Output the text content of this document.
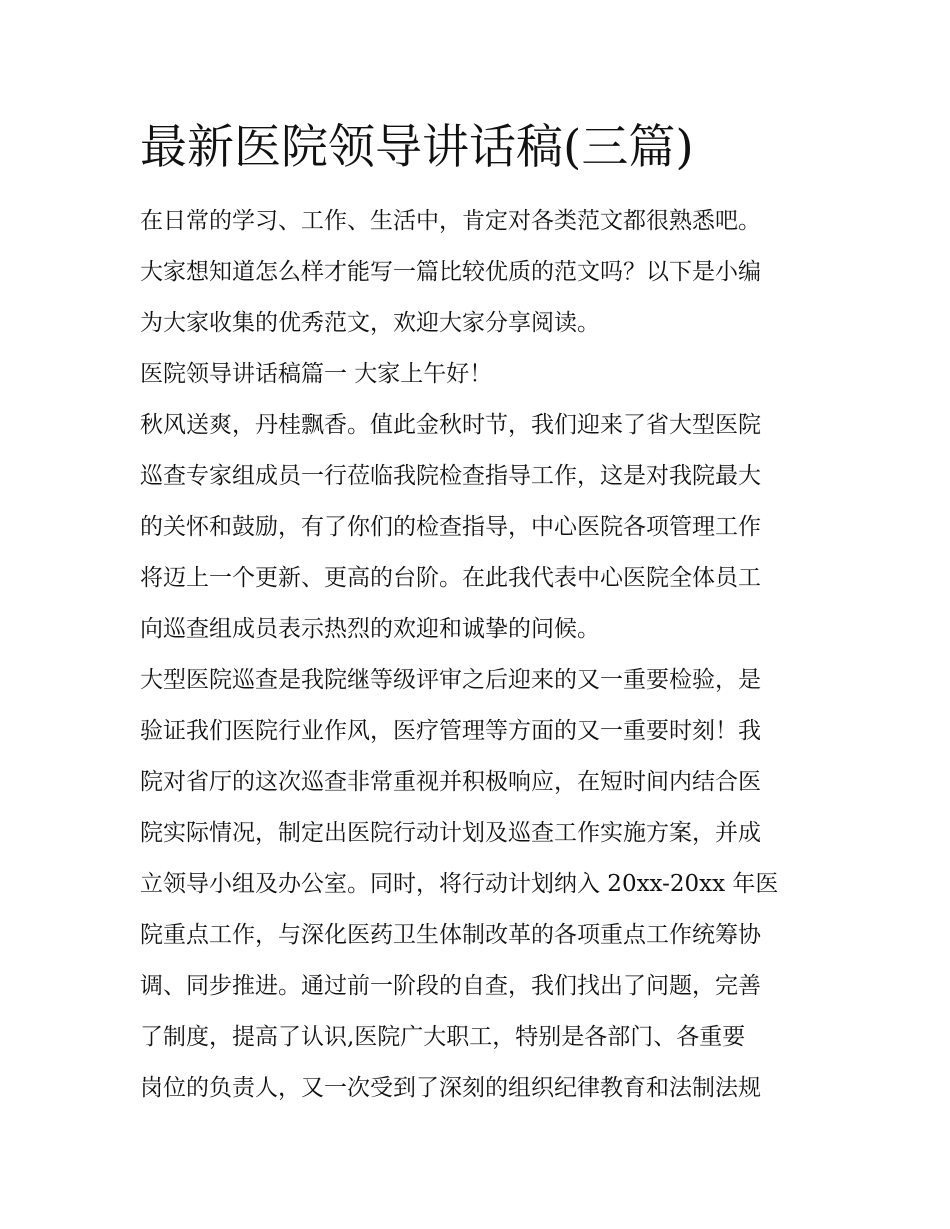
最新医院领导讲话稿(三篇)
在日常的学习、工作、生活中，肯定对各类范文都很熟悉吧。
大家想知道怎么样才能写一篇比较优质的范文吗？以下是小编
为大家收集的优秀范文，欢迎大家分享阅读。
医院领导讲话稿篇一 大家上午好！
秋风送爽，丹桂飘香。值此金秋时节，我们迎来了省大型医院
巡查专家组成员一行莅临我院检查指导工作，这是对我院最大
的关怀和鼓励，有了你们的检查指导，中心医院各项管理工作
将迈上一个更新、更高的台阶。在此我代表中心医院全体员工
向巡查组成员表示热烈的欢迎和诚挚的问候。
大型医院巡查是我院继等级评审之后迎来的又一重要检验，是
验证我们医院行业作风，医疗管理等方面的又一重要时刻！我
院对省厅的这次巡查非常重视并积极响应，在短时间内结合医
院实际情况，制定出医院行动计划及巡查工作实施方案，并成
立领导小组及办公室。同时，将行动计划纳入 20xx-20xx 年医
院重点工作，与深化医药卫生体制改革的各项重点工作统筹协
调、同步推进。通过前一阶段的自查，我们找出了问题，完善
了制度，提高了认识,医院广大职工，特别是各部门、各重要
岗位的负责人，又一次受到了深刻的组织纪律教育和法制法规
